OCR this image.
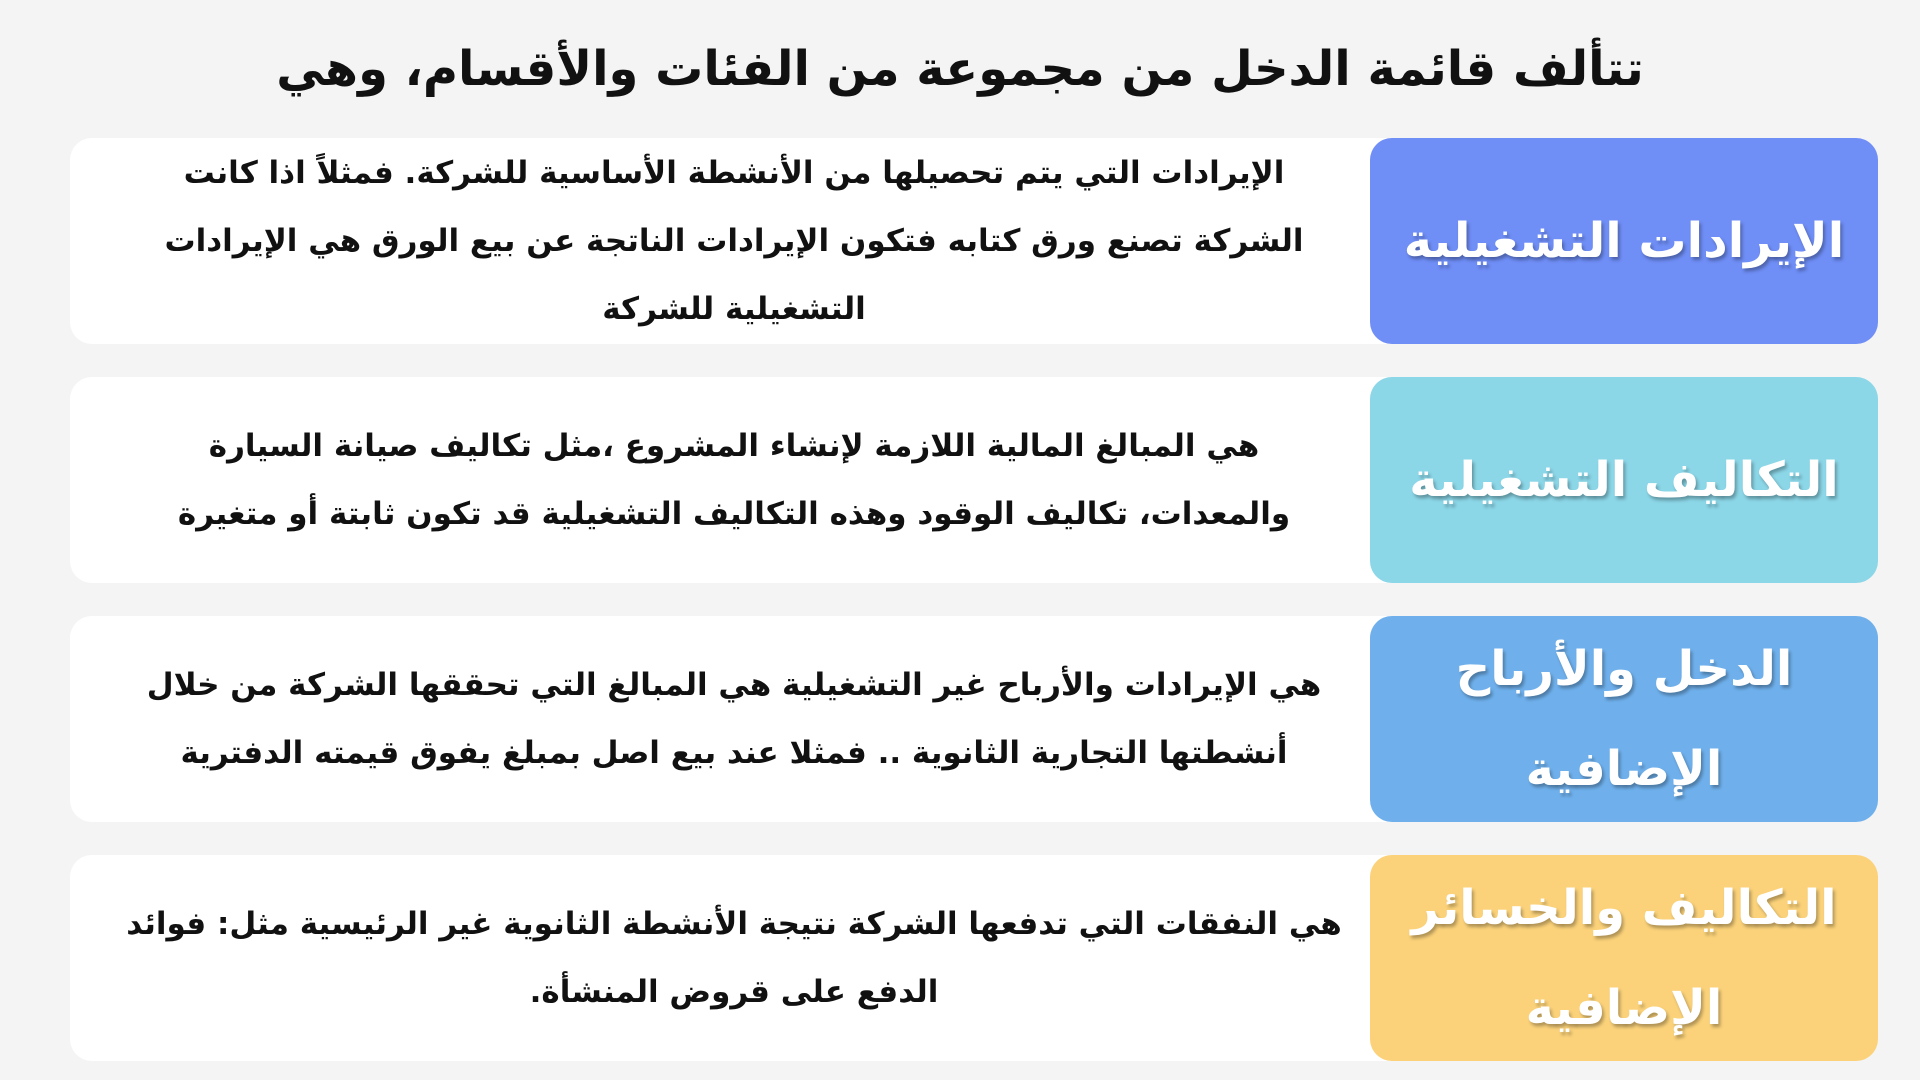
تتألف قائمة الدخل من مجموعة من الفئات والأقسام، وهي
الإيرادات التي يتم تحصيلها من الأنشطة الأساسية للشركة. فمثلاً اذا كانت الشركة تصنع ورق كتابه فتكون الإيرادات الناتجة عن بيع الورق هي الإيرادات التشغيلية للشركة
الإيرادات التشغيلية
هي المبالغ المالية اللازمة لإنشاء المشروع ،مثل تكاليف صيانة السيارة والمعدات، تكاليف الوقود وهذه التكاليف التشغيلية قد تكون ثابتة أو متغيرة
التكاليف التشغيلية
هي الإيرادات والأرباح غير التشغيلية هي المبالغ التي تحققها الشركة من خلال أنشطتها التجارية الثانوية .. فمثلا عند بيع اصل بمبلغ يفوق قيمته الدفترية
الدخل والأرباح الإضافية
هي النفقات التي تدفعها الشركة نتيجة الأنشطة الثانوية غير الرئيسية مثل: فوائد الدفع على قروض المنشأة.
التكاليف والخسائر الإضافية
